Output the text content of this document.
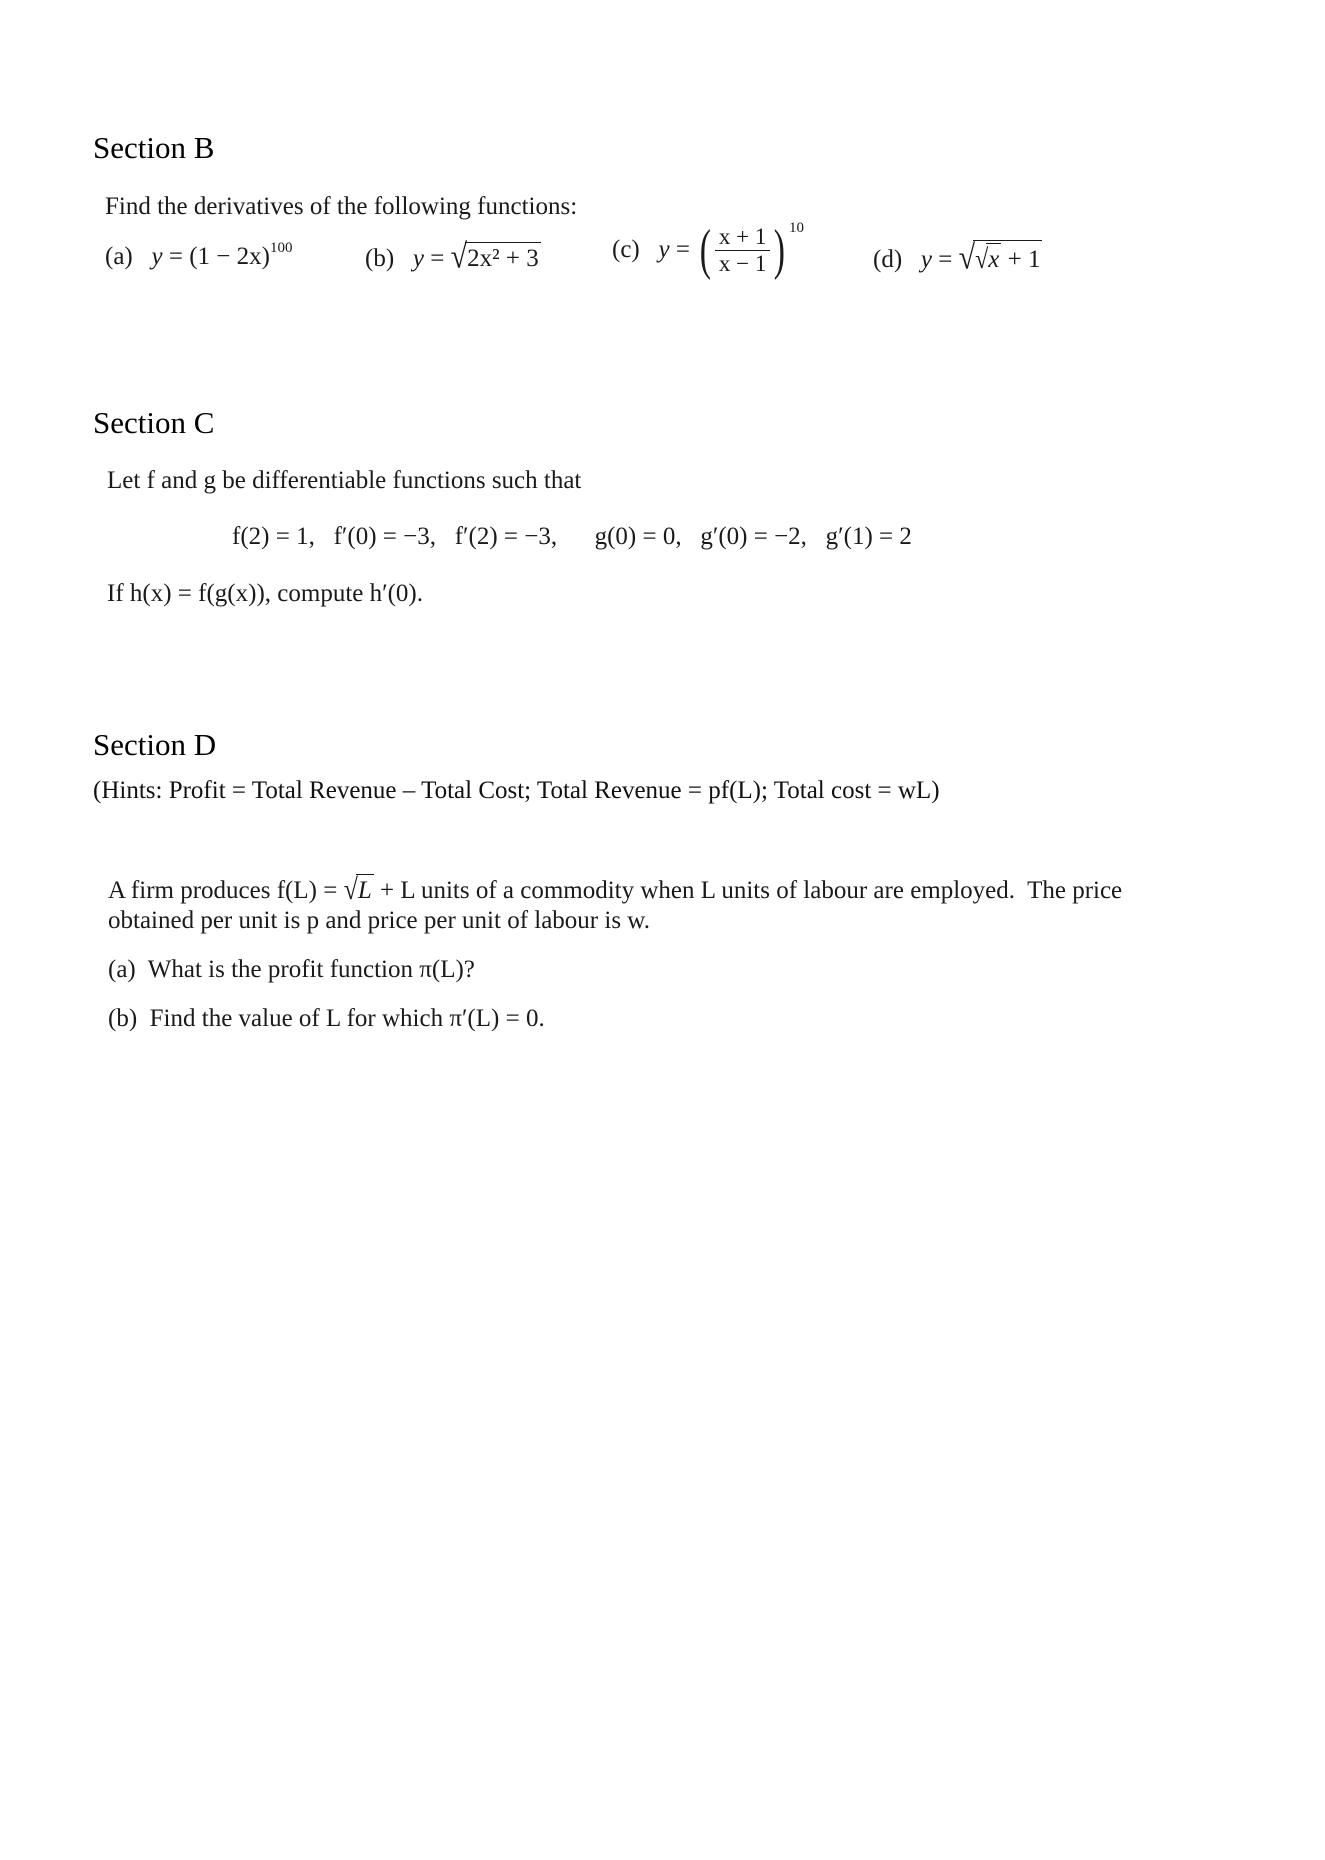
Section B
Find the derivatives of the following functions:
(a) $y = (1 - 2x)^{100}$	(b) y = √2x² + 3	(c) y = ( $\frac{x + 1}{x - 1}$ ) $^{10}$
(d) y = √√x + 1
Section C
Let f and g be differentiable functions such that
f(2) = 1,   f′(0) = −3,   f′(2) = −3,      g(0) = 0,   g′(0) = −2,   g′(1) = 2
If h(x) = f(g(x)), compute h′(0).
Section D
(Hints: Profit = Total Revenue – Total Cost; Total Revenue = pf(L); Total cost = wL)
A firm produces f(L) = √L + L units of a commodity when L units of labour are employed.  The price
obtained per unit is p and price per unit of labour is w.
(a)  What is the profit function π(L)?
(b)  Find the value of L for which π′(L) = 0.
